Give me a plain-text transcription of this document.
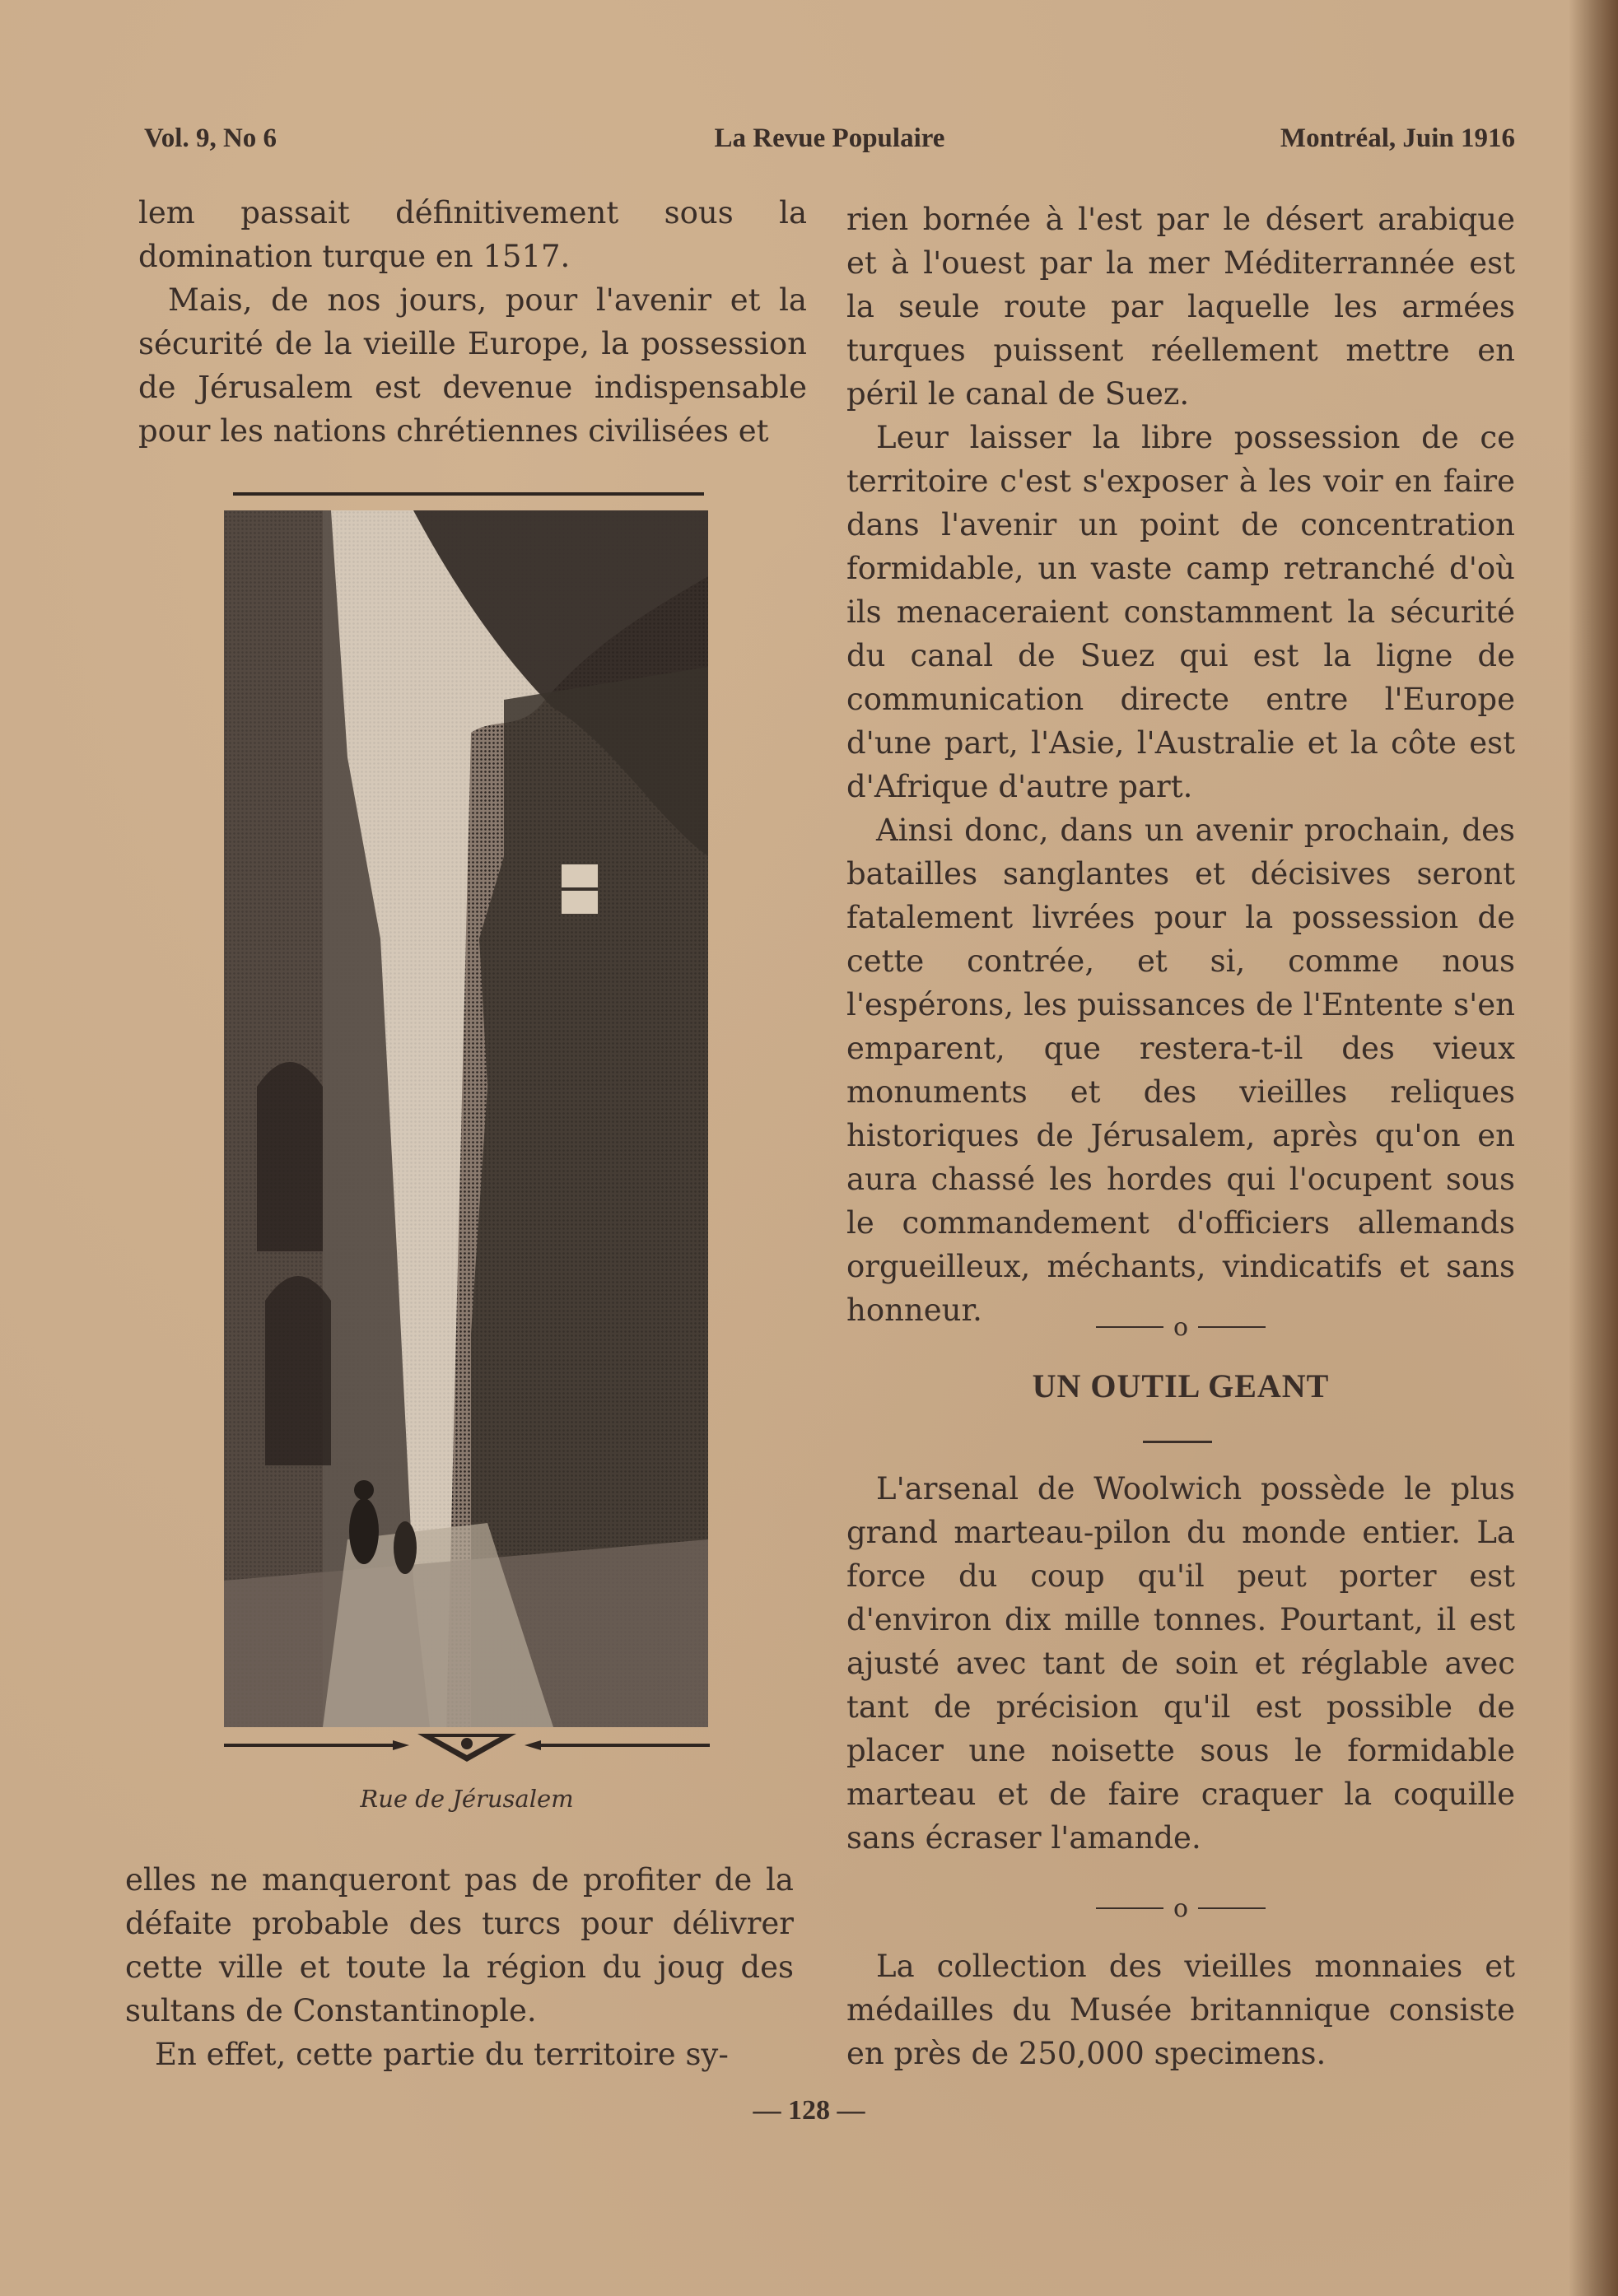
Vol. 9, No 6	La Revue Populaire	Montréal, Juin 1916

lem passait définitivement sous la domination turque en 1517.

Mais, de nos jours, pour l'avenir et la sécurité de la vieille Europe, la possession de Jérusalem est devenue indispensable pour les nations chrétiennes civilisées et

Rue de Jérusalem

elles ne manqueront pas de profiter de la défaite probable des turcs pour délivrer cette ville et toute la région du joug des sultans de Constantinople.

En effet, cette partie du territoire sy-

rien bornée à l'est par le désert arabique et à l'ouest par la mer Méditerrannée est la seule route par laquelle les armées turques puissent réellement mettre en péril le canal de Suez.

Leur laisser la libre possession de ce territoire c'est s'exposer à les voir en faire dans l'avenir un point de concentration formidable, un vaste camp retranché d'où ils menaceraient constamment la sécurité du canal de Suez qui est la ligne de communication directe entre l'Europe d'une part, l'Asie, l'Australie et la côte est d'Afrique d'autre part.

Ainsi donc, dans un avenir prochain, des batailles sanglantes et décisives seront fatalement livrées pour la possession de cette contrée, et si, comme nous l'espérons, les puissances de l'Entente s'en emparent, que restera-t-il des vieux monuments et des vieilles reliques historiques de Jérusalem, après qu'on en aura chassé les hordes qui l'ocupent sous le commandement d'officiers allemands orgueilleux, méchants, vindicatifs et sans honneur.	o
UN OUTIL GEANT

L'arsenal de Woolwich possède le plus grand marteau-pilon du monde entier. La force du coup qu'il peut porter est d'environ dix mille tonnes. Pourtant, il est ajusté avec tant de soin et réglable avec tant de précision qu'il est possible de placer une noisette sous le formidable marteau et de faire craquer la coquille sans écraser l'amande.

o

La collection des vieilles monnaies et médailles du Musée britannique consiste en près de 250,000 specimens.

— 128 —
